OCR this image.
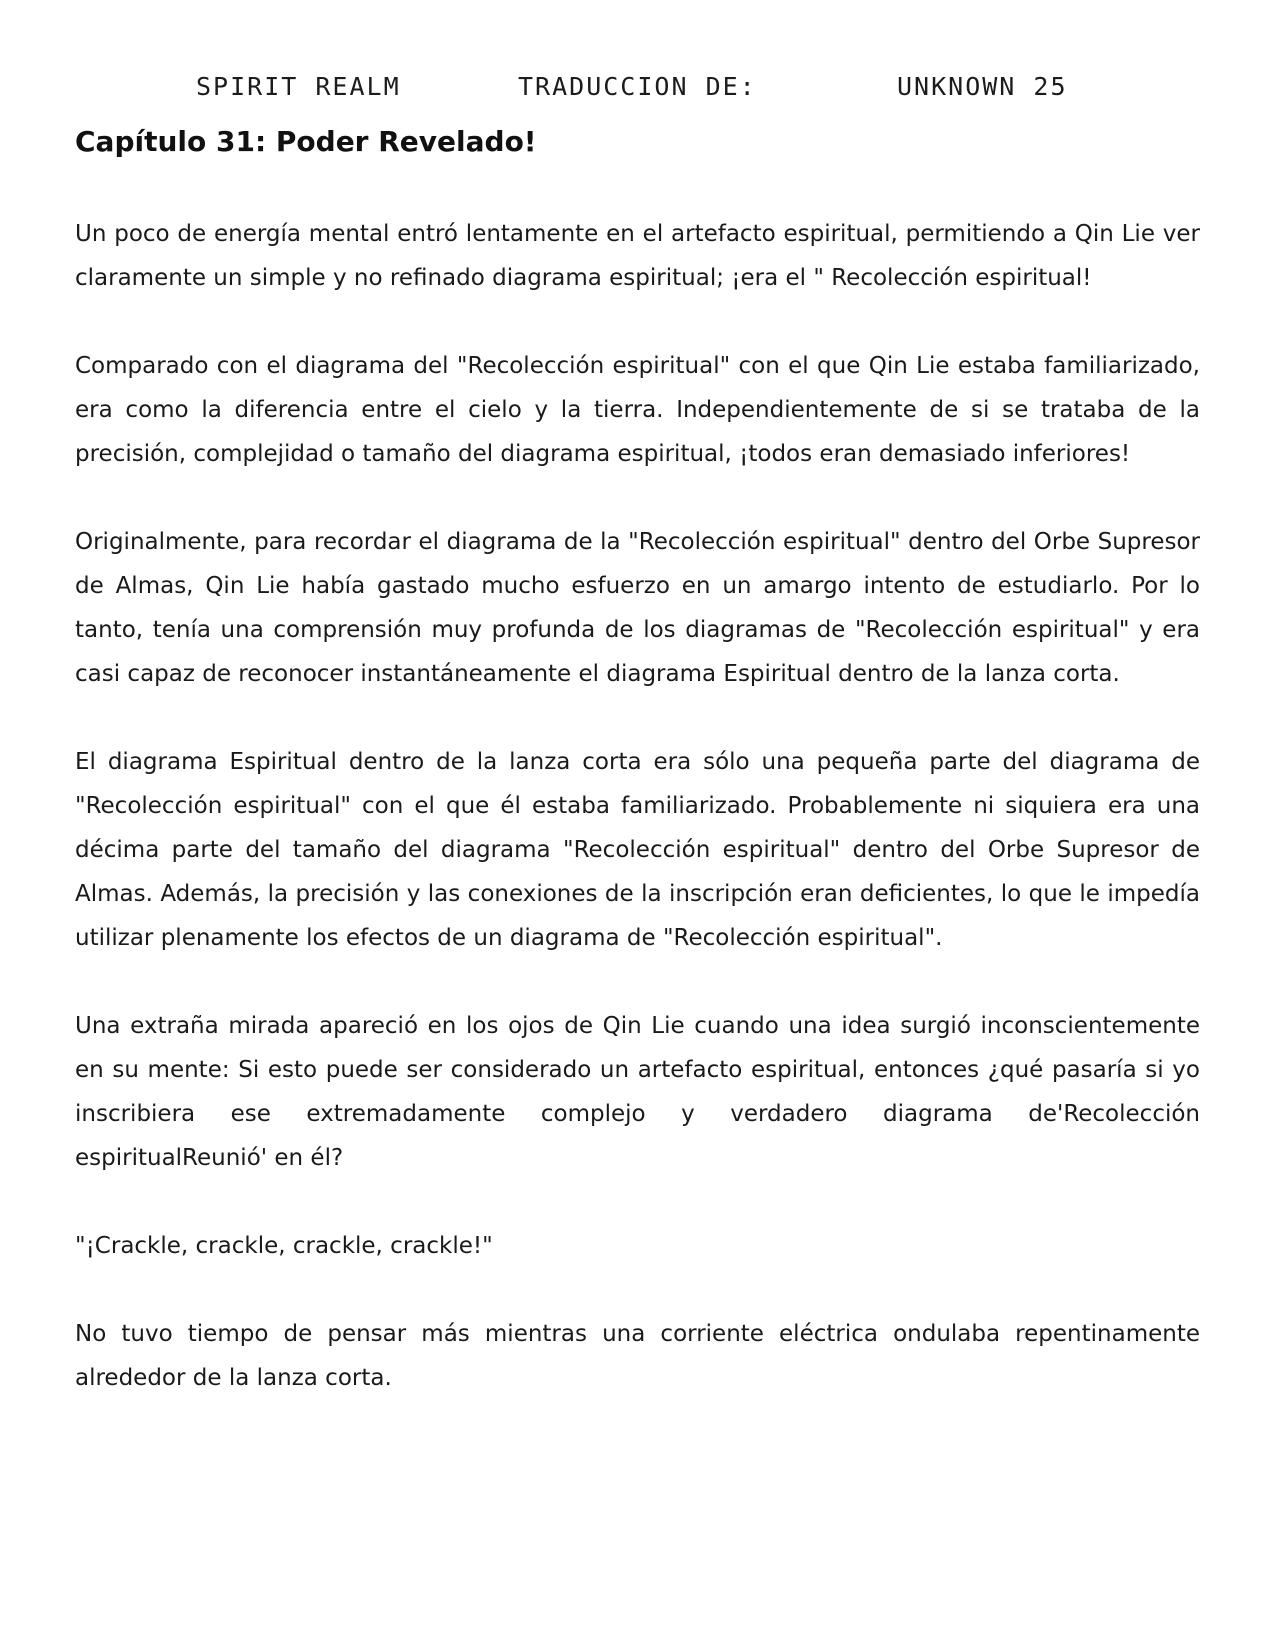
SPIRIT REALM	TRADUCCION DE:	UNKNOWN 25
Capítulo 31: Poder Revelado!

Un poco de energía mental entró lentamente en el artefacto espiritual, permitiendo a Qin Lie ver claramente un simple y no refinado diagrama espiritual; ¡era el " Recolección espiritual!

Comparado con el diagrama del "Recolección espiritual" con el que Qin Lie estaba familiarizado, era como la diferencia entre el cielo y la tierra. Independientemente de si se trataba de la precisión, complejidad o tamaño del diagrama espiritual, ¡todos eran demasiado inferiores!

Originalmente, para recordar el diagrama de la "Recolección espiritual" dentro del Orbe Supresor de Almas, Qin Lie había gastado mucho esfuerzo en un amargo intento de estudiarlo. Por lo tanto, tenía una comprensión muy profunda de los diagramas de "Recolección espiritual" y era casi capaz de reconocer instantáneamente el diagrama Espiritual dentro de la lanza corta.

El diagrama Espiritual dentro de la lanza corta era sólo una pequeña parte del diagrama de "Recolección espiritual" con el que él estaba familiarizado. Probablemente ni siquiera era una décima parte del tamaño del diagrama "Recolección espiritual" dentro del Orbe Supresor de Almas. Además, la precisión y las conexiones de la inscripción eran deficientes, lo que le impedía utilizar plenamente los efectos de un diagrama de "Recolección espiritual".

Una extraña mirada apareció en los ojos de Qin Lie cuando una idea surgió inconscientemente en su mente: Si esto puede ser considerado un artefacto espiritual, entonces ¿qué pasaría si yo inscribiera ese extremadamente complejo y verdadero diagrama de'Recolección espiritualReunió' en él?

"¡Crackle, crackle, crackle, crackle!"

No tuvo tiempo de pensar más mientras una corriente eléctrica ondulaba repentinamente alrededor de la lanza corta.
